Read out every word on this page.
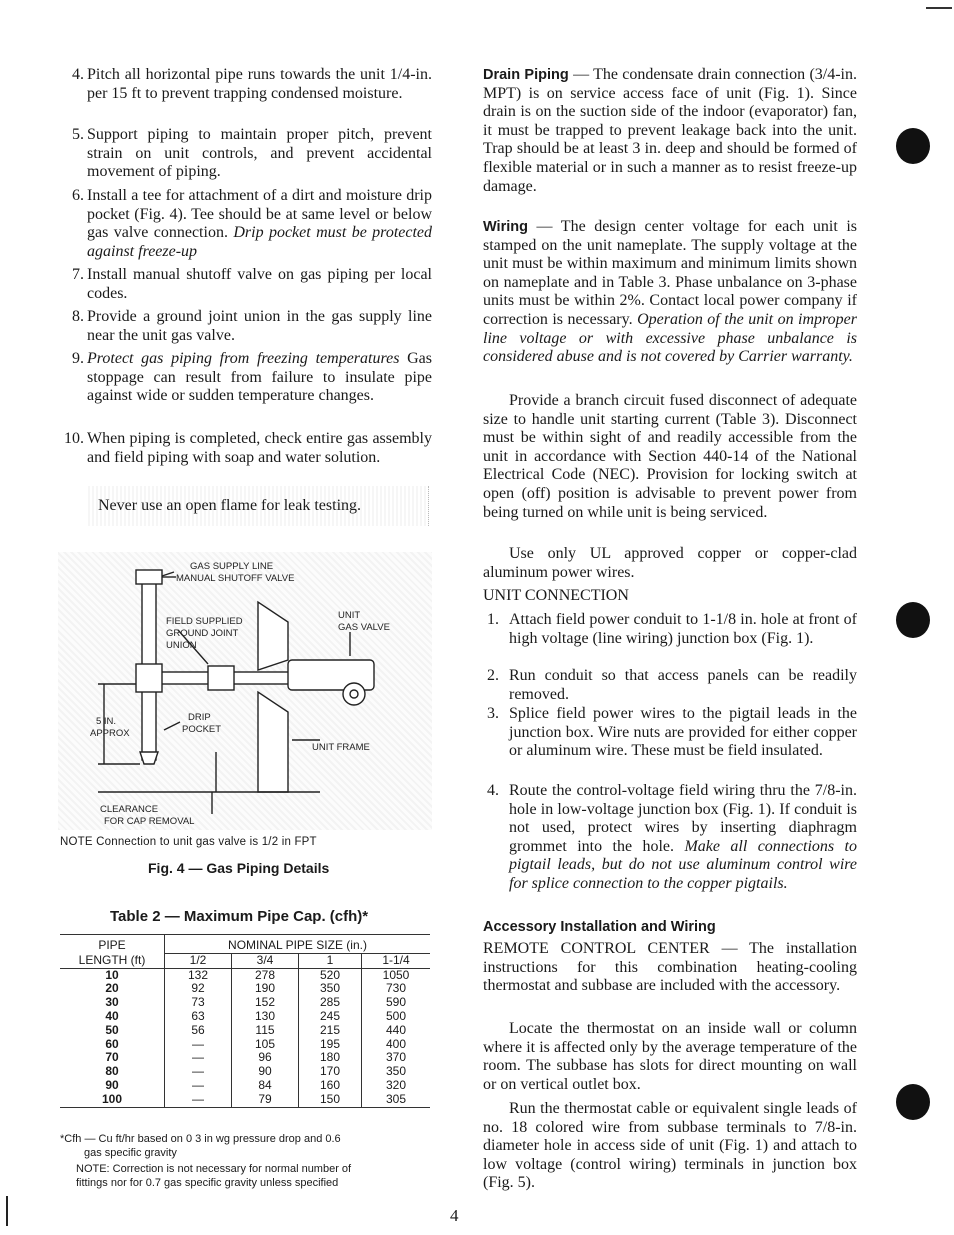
4. Pitch all horizontal pipe runs towards the unit 1/4-in. per 15 ft to prevent trapping condensed moisture.
5. Support piping to maintain proper pitch, prevent strain on unit controls, and prevent accidental movement of piping.
6. Install a tee for attachment of a dirt and moisture drip pocket (Fig. 4). Tee should be at same level or below gas valve connection. Drip pocket must be protected against freeze-up
7. Install manual shutoff valve on gas piping per local codes.
8. Provide a ground joint union in the gas supply line near the unit gas valve.
9. Protect gas piping from freezing temperatures Gas stoppage can result from failure to insulate pipe against wide or sudden temperature changes.
10. When piping is completed, check entire gas assembly and field piping with soap and water solution.
Never use an open flame for leak testing.
GAS SUPPLY LINE
MANUAL SHUTOFF VALVE
FIELD SUPPLIED
GROUND JOINT
UNION
UNIT
GAS VALVE
5 IN.
APPROX
DRIP
POCKET
UNIT FRAME
CLEARANCE
FOR CAP REMOVAL
NOTE Connection to unit gas valve is 1/2 in FPT
Fig. 4 — Gas Piping Details
Table 2 — Maximum Pipe Cap. (cfh)*
PIPE	NOMINAL PIPE SIZE (in.)			
LENGTH (ft)	1/2	3/4	1	1-1/4
10	132	278	520	1050
20	92	190	350	730
30	73	152	285	590
40	63	130	245	500
50	56	115	215	440
60	—	105	195	400
70	—	96	180	370
80	—	90	170	350
90	—	84	160	320
100	—	79	150	305
*Cfh — Cu ft/hr based on 0 3 in wg pressure drop and 0.6
gas specific gravity
NOTE: Correction is not necessary for normal number of
fittings nor for 0.7 gas specific gravity unless specified
Drain Piping — The condensate drain connection (3/4-in. MPT) is on service access face of unit (Fig. 1). Since drain is on the suction side of the indoor (evaporator) fan, it must be trapped to prevent leakage back into the unit. Trap should be at least 3 in. deep and should be formed of flexible material or in such a manner as to resist freeze-up damage.
Wiring — The design center voltage for each unit is stamped on the unit nameplate. The supply voltage at the unit must be within maximum and minimum limits shown on nameplate and in Table 3. Phase unbalance on 3-phase units must be within 2%. Contact local power company if correction is necessary. Operation of the unit on improper line voltage or with excessive phase unbalance is considered abuse and is not covered by Carrier warranty.
Provide a branch circuit fused disconnect of adequate size to handle unit starting current (Table 3). Disconnect must be within sight of and readily accessible from the unit in accordance with Section 440-14 of the National Electrical Code (NEC). Provision for locking switch at open (off) position is advisable to prevent power from being turned on while unit is being serviced.
Use only UL approved copper or copper-clad aluminum power wires.
UNIT CONNECTION
1. Attach field power conduit to 1-1/8 in. hole at front of high voltage (line wiring) junction box (Fig. 1).
2. Run conduit so that access panels can be readily removed.
3. Splice field power wires to the pigtail leads in the junction box. Wire nuts are provided for either copper or aluminum wire. These must be field insulated.
4. Route the control-voltage field wiring thru the 7/8-in. hole in low-voltage junction box (Fig. 1). If conduit is not used, protect wires by inserting diaphragm grommet into the hole. Make all connections to pigtail leads, but do not use aluminum control wire for splice connection to the copper pigtails.
Accessory Installation and Wiring
REMOTE CONTROL CENTER — The installation instructions for this combination heating-cooling thermostat and subbase are included with the accessory.
Locate the thermostat on an inside wall or column where it is affected only by the average temperature of the room. The subbase has slots for direct mounting on wall or on vertical outlet box.
Run the thermostat cable or equivalent single leads of no. 18 colored wire from subbase terminals to 7/8-in. diameter hole in access side of unit (Fig. 1) and attach to low voltage (control wiring) terminals in junction box (Fig. 5).
4
